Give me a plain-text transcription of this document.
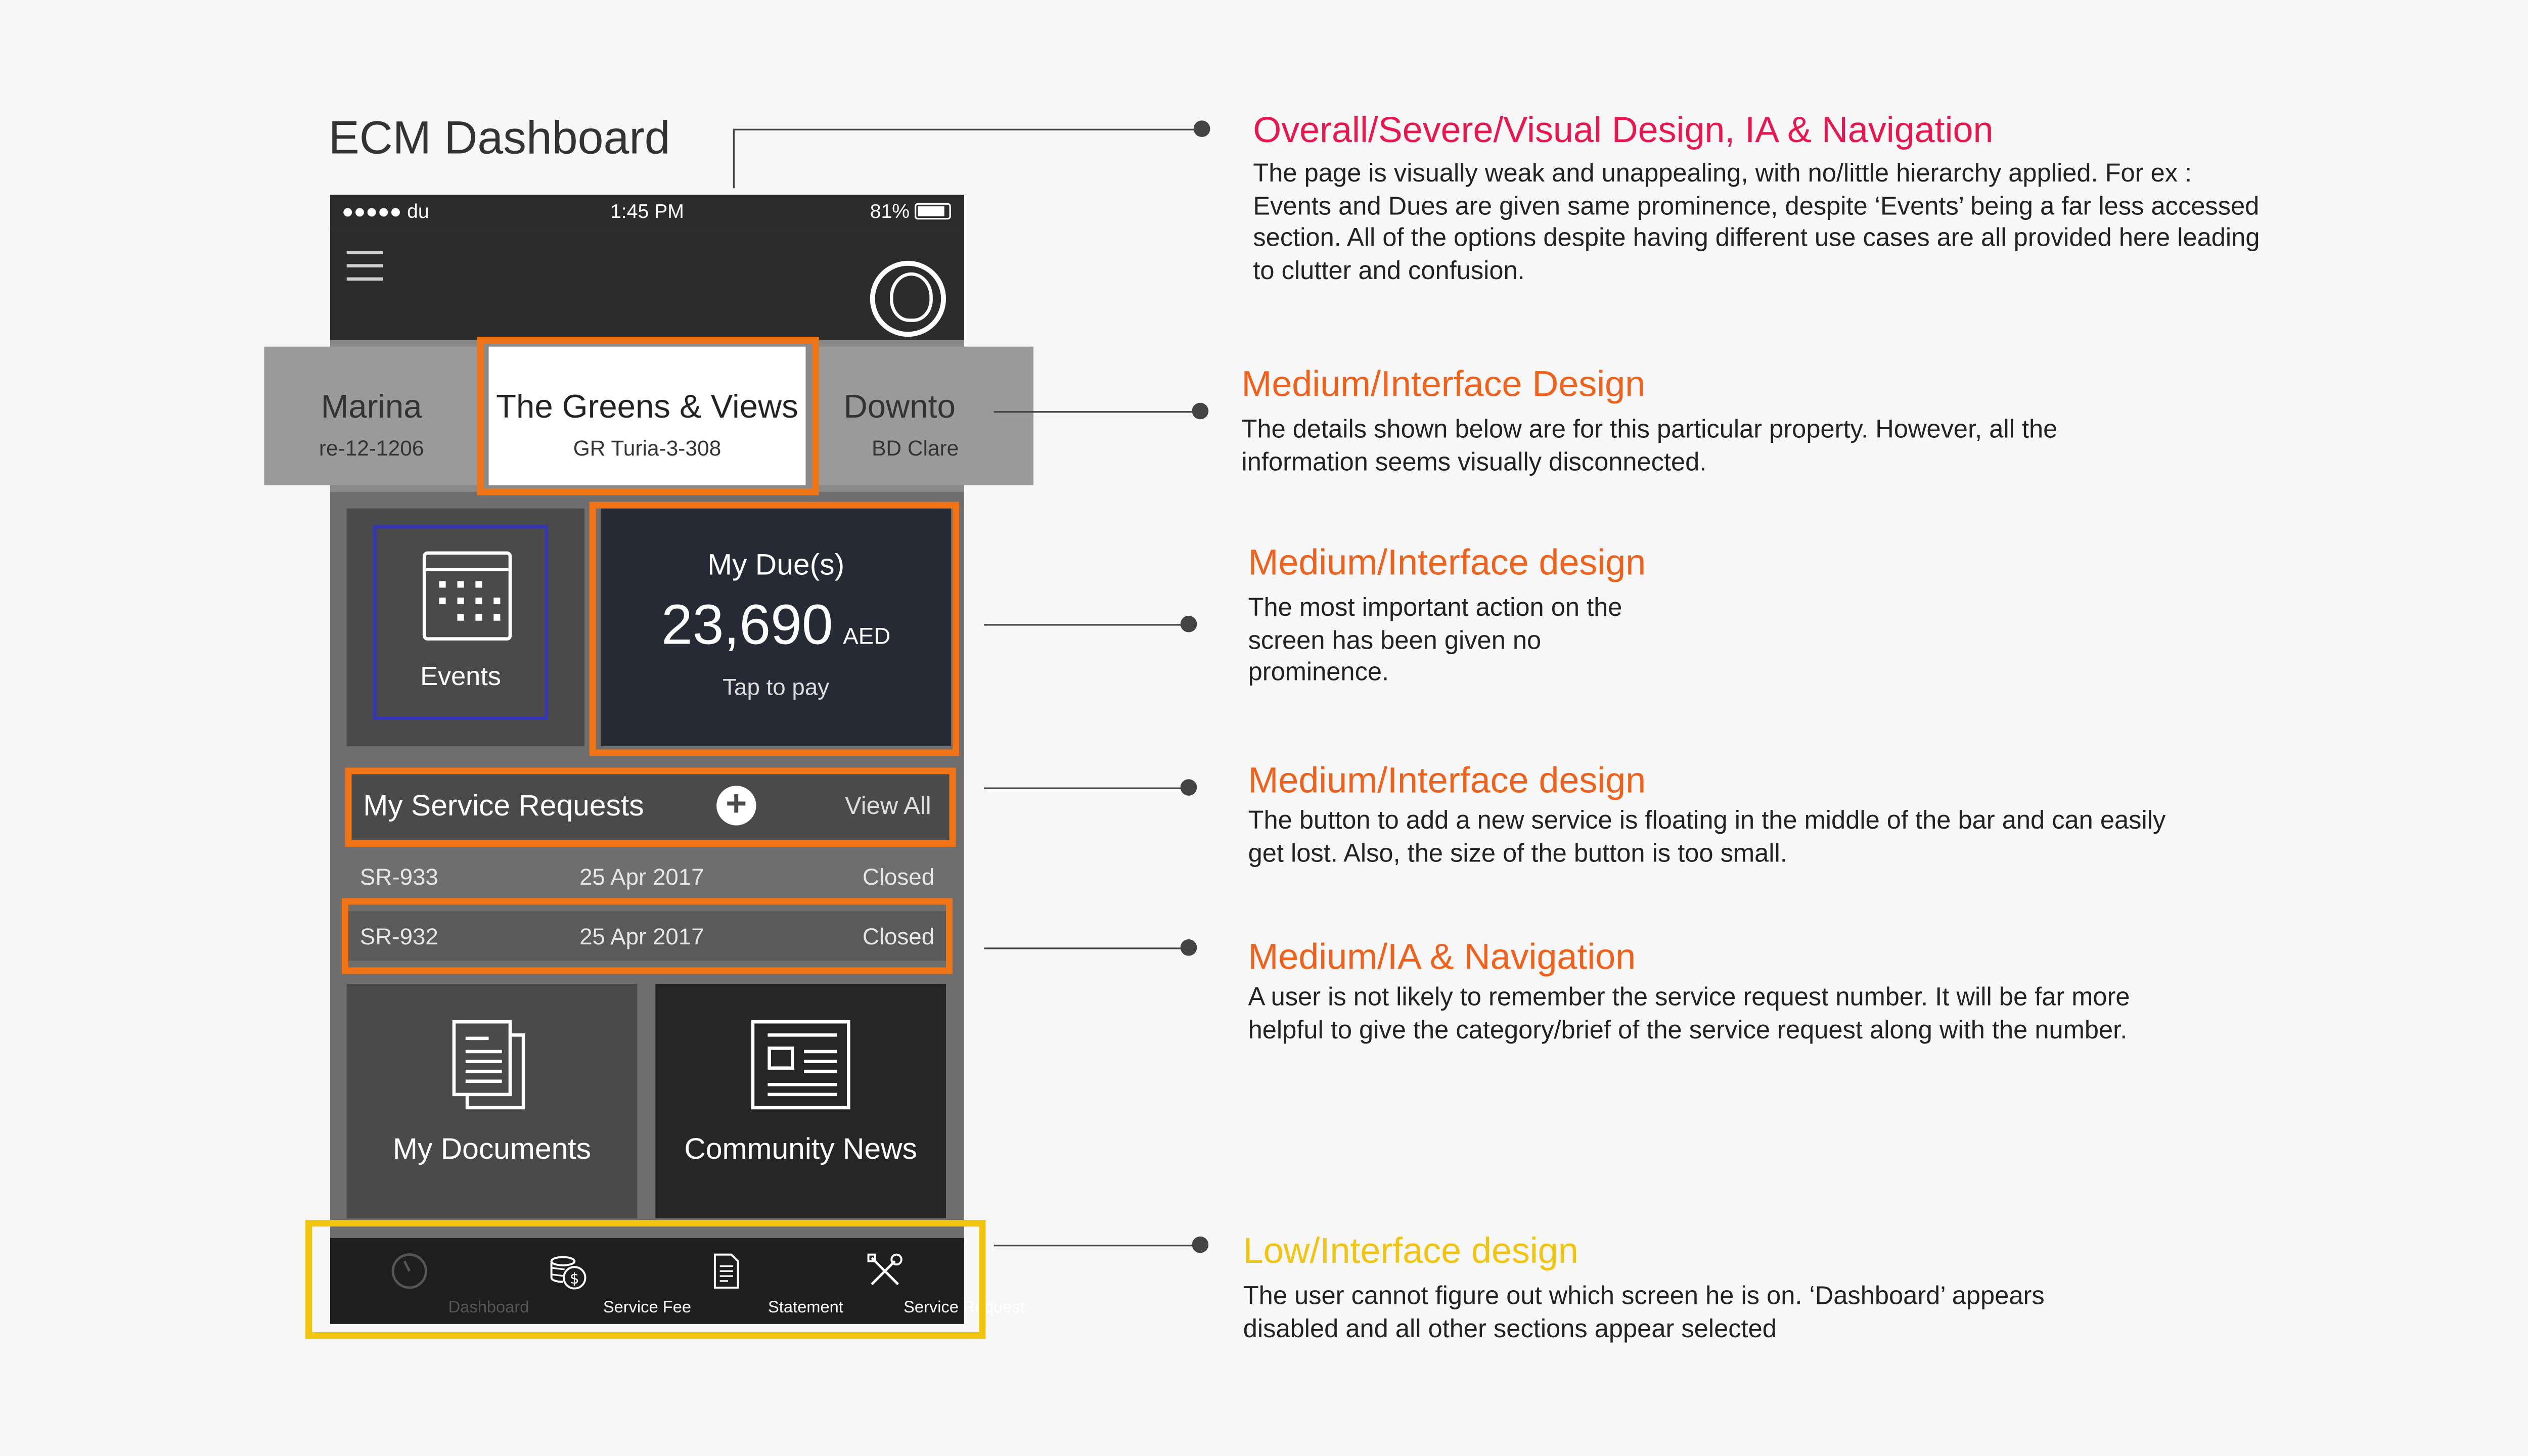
ECM Dashboard
●●●●● du	1:45 PM	81%
Marina
re-12-1206
The Greens & Views
GR Turia-3-308
Downto
BD Clare
Events
My Due(s)
23,690 AED
Tap to pay
My Service Requests	+	View All
SR-933	25 Apr 2017	Closed
SR-932	25 Apr 2017	Closed
My Documents	Community News
Dashboard
$
Service Fee	Statement	Service Request
Overall/Severe/Visual Design, IA & Navigation
The page is visually weak and unappealing, with no/little hierarchy applied. For ex : Events and Dues are given same prominence, despite ‘Events’ being a far less accessed section. All of the options despite having different use cases are all provided here leading to clutter and confusion.
Medium/Interface Design
The details shown below are for this particular property. However, all the information seems visually disconnected.
Medium/Interface design
The most important action on the screen has been given no prominence.
Medium/Interface design
The button to add a new service is floating in the middle of the bar and can easily get lost. Also, the size of the button is too small.
Medium/IA & Navigation
A user is not likely to remember the service request number. It will be far more helpful to give the category/brief of the service request along with the number.
Low/Interface design
The user cannot figure out which screen he is on. ‘Dashboard’ appears disabled and all other sections appear selected
